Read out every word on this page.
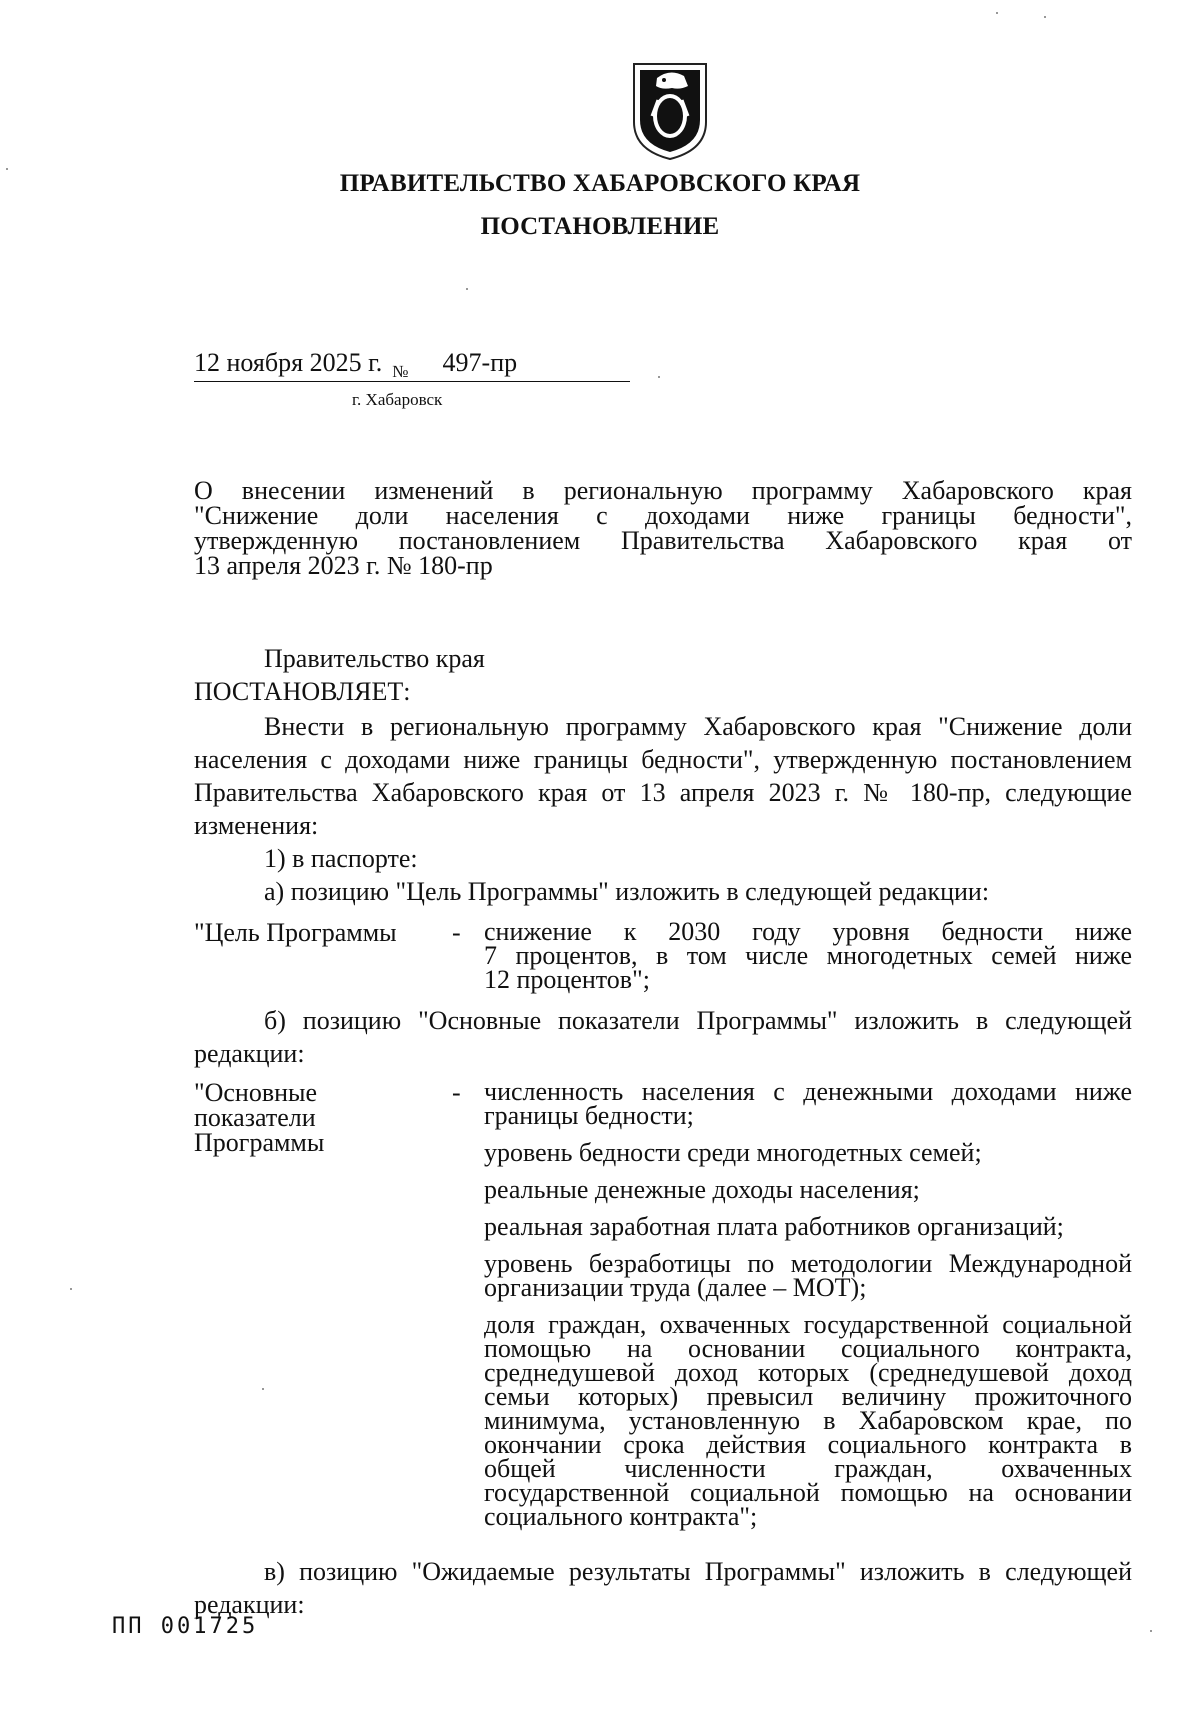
ПРАВИТЕЛЬСТВО ХАБАРОВСКОГО КРАЯ
ПОСТАНОВЛЕНИЕ
12 ноября 2025 г. $_№$ 497-пр
г. Хабаровск

О внесении изменений в региональную программу Хабаровского края

"Снижение доли населения с доходами ниже границы бедности",

утвержденную постановлением Правительства Хабаровского края от

13 апреля 2023 г. № 180-пр

Правительство края
ПОСТАНОВЛЯЕТ:

Внести в региональную программу Хабаровского края "Снижение доли населения с доходами ниже границы бедности", утвержденную постановлением Правительства Хабаровского края от 13 апреля 2023 г. № 180-пр, следующие изменения:

1) в паспорте:
а) позицию "Цель Программы" изложить в следующей редакции:
"Цель Программы - снижение к 2030 году уровня бедности ниже

7 процентов, в том числе многодетных семей ниже

12 процентов";

б) позицию "Основные показатели Программы" изложить в следующей редакции:

"Основные
показатели
Программы
- численность населения с денежными доходами ниже границы бедности;

уровень бедности среди многодетных семей;

реальные денежные доходы населения;

реальная заработная плата работников организаций;

уровень безработицы по методологии Международной организации труда (далее – МОТ);

доля граждан, охваченных государственной социальной помощью на основании социального контракта, среднедушевой доход которых (среднедушевой доход семьи которых) превысил величину прожиточного минимума, установленную в Хабаровском крае, по окончании срока действия социального контракта в общей численности граждан, охваченных государственной социальной помощью на основании социального контракта";

в) позицию "Ожидаемые результаты Программы" изложить в следующей редакции:

ПП 001725
